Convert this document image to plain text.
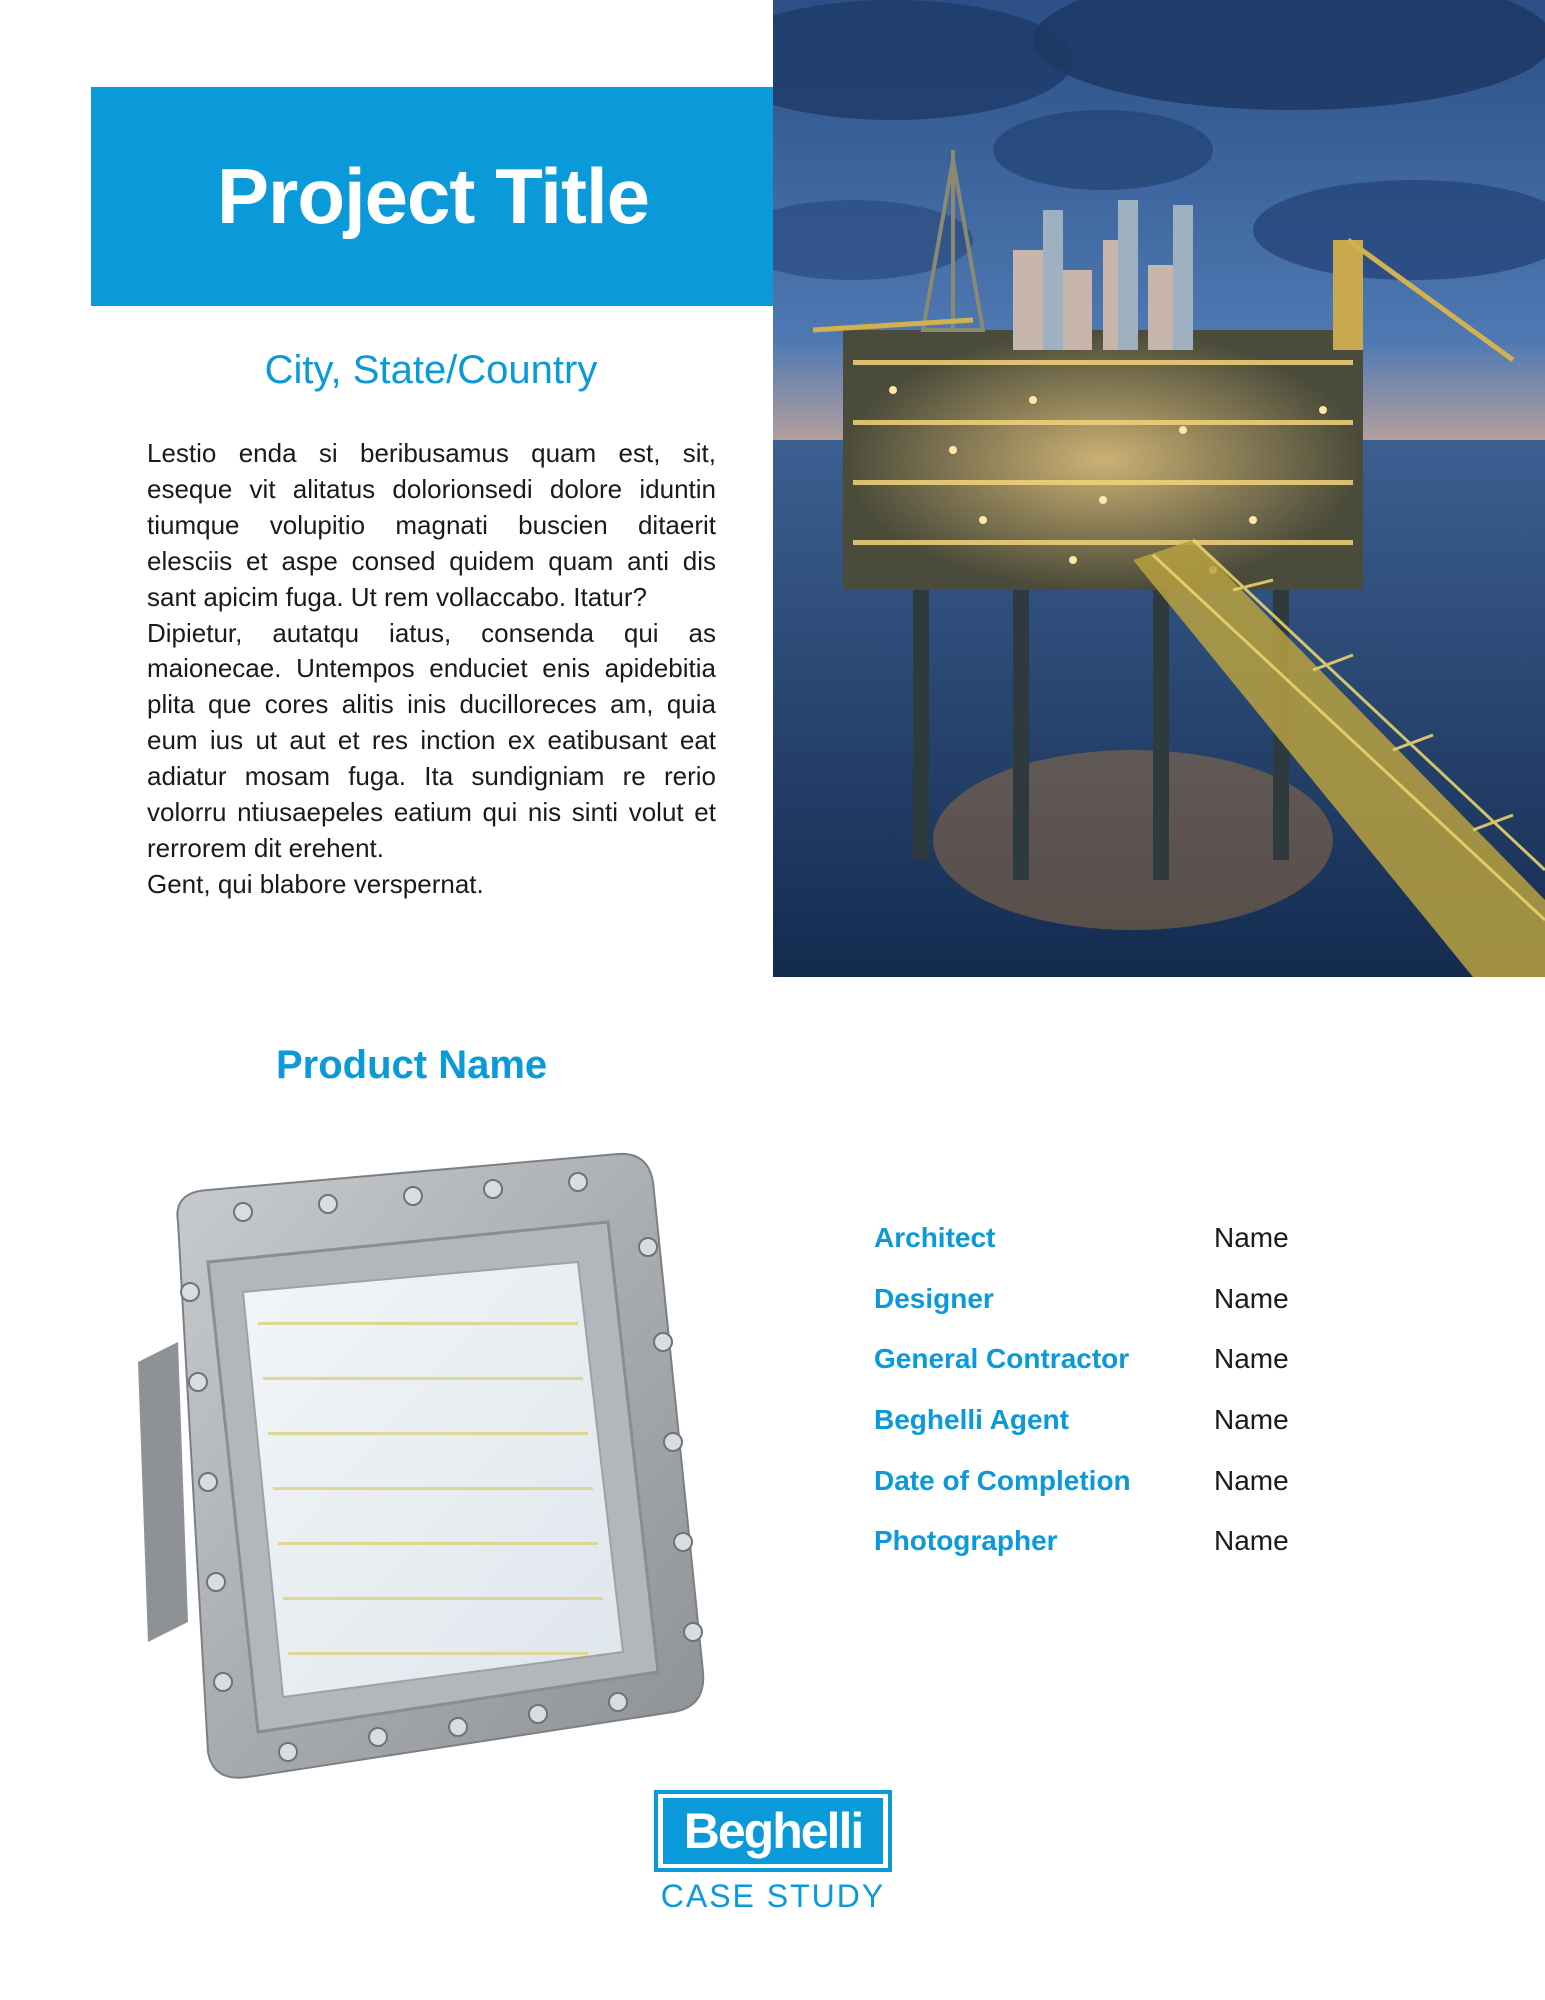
Project Title
City, State/Country

Lestio enda si beribusamus quam est, sit, eseque vit alitatus dolorionsedi dolore iduntin tiumque volupitio magnati buscien ditaerit elesciis et aspe consed quidem quam anti dis sant apicim fuga. Ut rem vollaccabo. Itatur?

Dipietur, autatqu iatus, consenda qui as maionecae. Untempos enduciet enis apidebitia plita que cores alitis inis ducilloreces am, quia eum ius ut aut et res inction ex eatibusant eat adiatur mosam fuga. Ita sundigniam re rerio volorru ntiusaepeles eatium qui nis sinti volut et rerrorem dit erehent.

Gent, qui blabore verspernat.

Product Name
Architect	Name
Designer	Name
General Contractor	Name
Beghelli Agent	Name
Date of Completion	Name
Photographer	Name
Beghelli
CASE STUDY
